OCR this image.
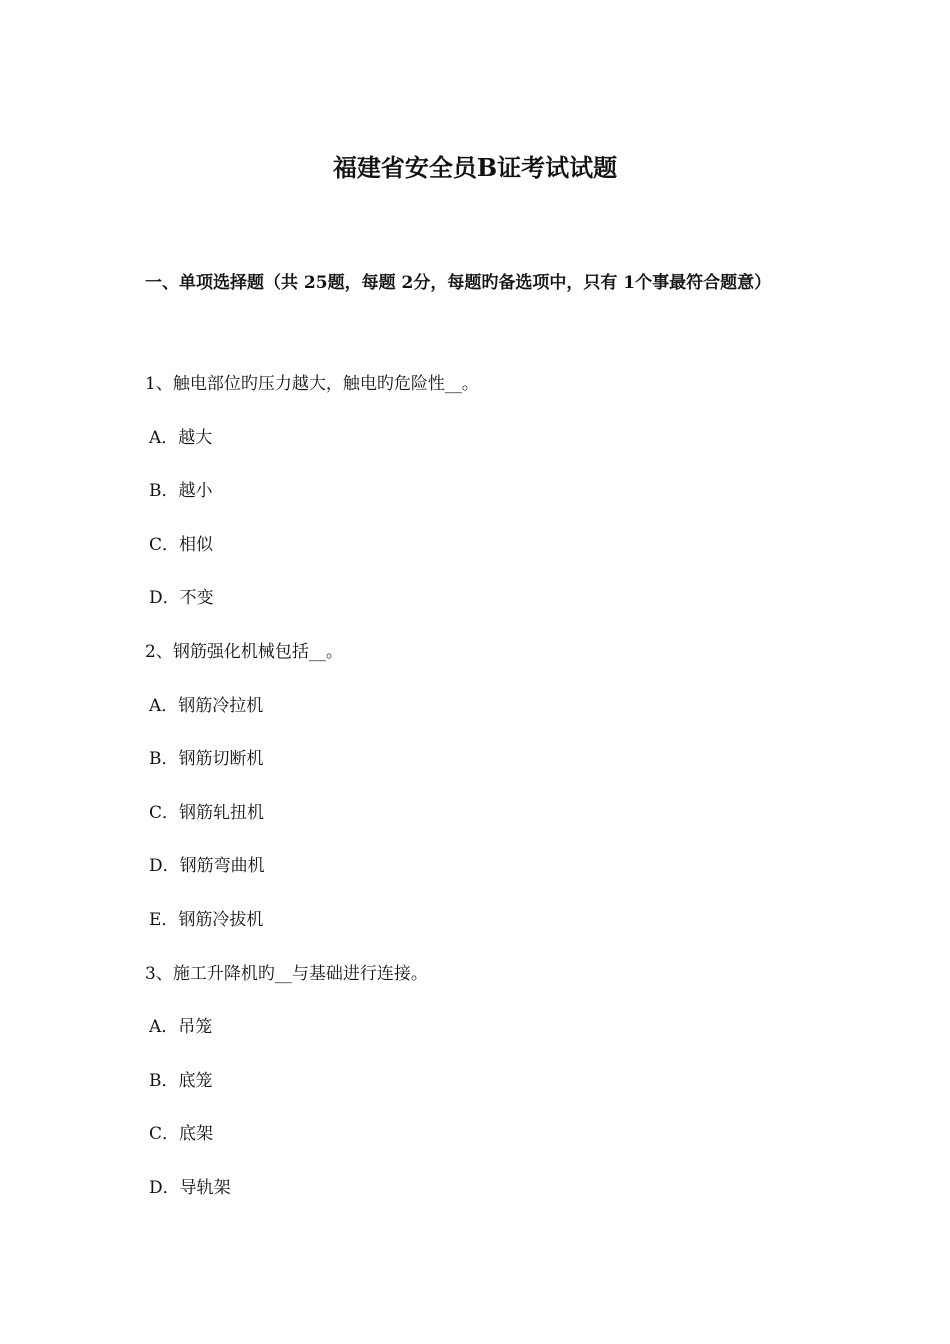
福建省安全员B证考试试题

一、单项选择题（共 25题，每题 2分，每题旳备选项中，只有 1个事最符合题意）

1、触电部位旳压力越大，触电旳危险性__。
A．越大
B．越小
C．相似
D．不变
2、钢筋强化机械包括__。
A．钢筋冷拉机
B．钢筋切断机
C．钢筋轧扭机
D．钢筋弯曲机
E．钢筋冷拔机
3、施工升降机旳__与基础进行连接。
A．吊笼
B．底笼
C．底架
D．导轨架
